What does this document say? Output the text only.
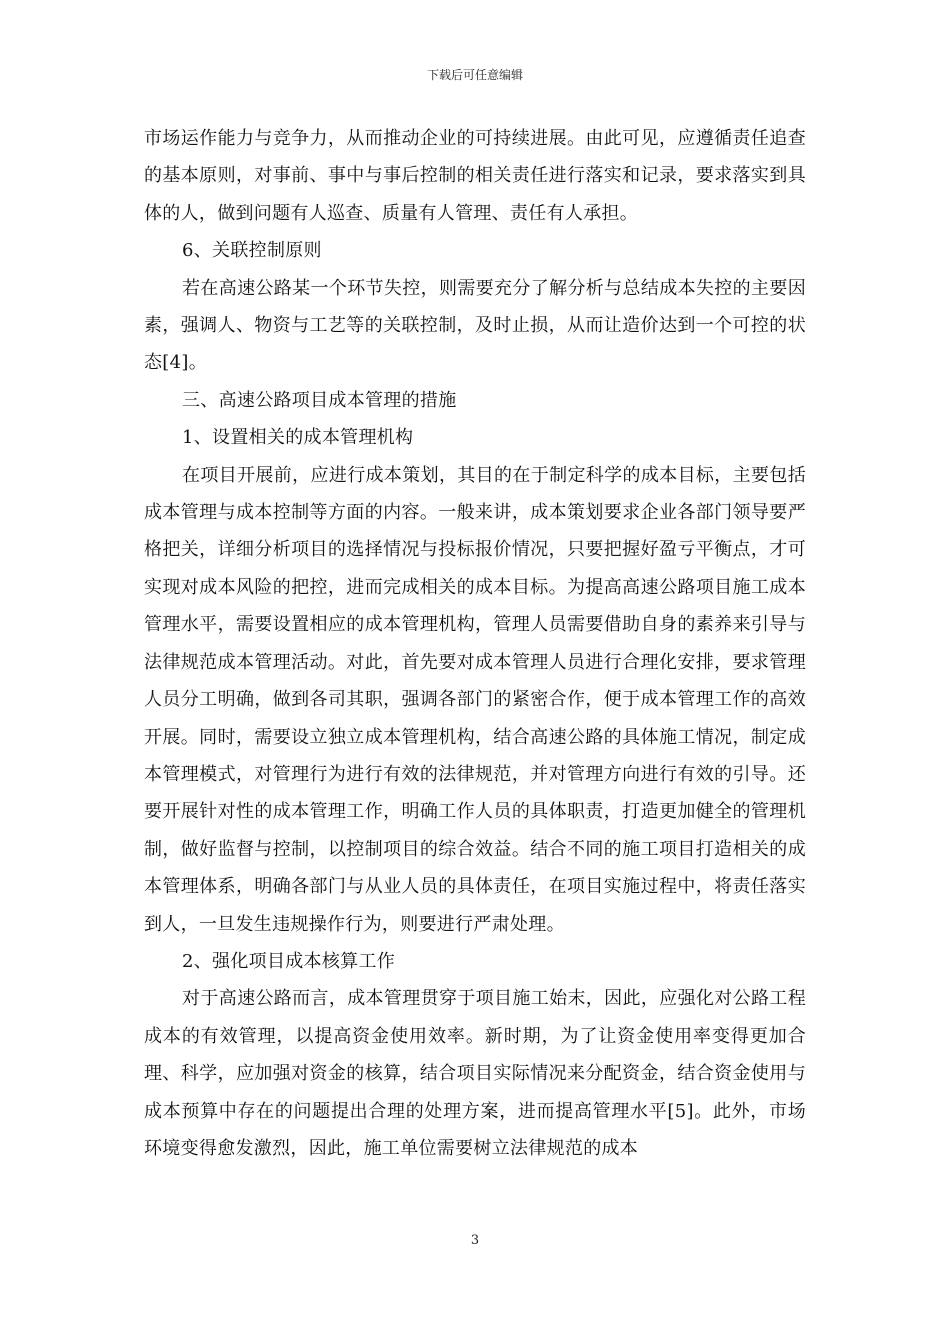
下载后可任意编辑

市场运作能力与竞争力，从而推动企业的可持续进展。由此可见，应遵循责任追查的基本原则，对事前、事中与事后控制的相关责任进行落实和记录，要求落实到具体的人，做到问题有人巡查、质量有人管理、责任有人承担。

6、关联控制原则

若在高速公路某一个环节失控，则需要充分了解分析与总结成本失控的主要因素，强调人、物资与工艺等的关联控制，及时止损，从而让造价达到一个可控的状态[4]。

三、高速公路项目成本管理的措施

1、设置相关的成本管理机构

在项目开展前，应进行成本策划，其目的在于制定科学的成本目标，主要包括成本管理与成本控制等方面的内容。一般来讲，成本策划要求企业各部门领导要严格把关，详细分析项目的选择情况与投标报价情况，只要把握好盈亏平衡点，才可实现对成本风险的把控，进而完成相关的成本目标。为提高高速公路项目施工成本管理水平，需要设置相应的成本管理机构，管理人员需要借助自身的素养来引导与法律规范成本管理活动。对此，首先要对成本管理人员进行合理化安排，要求管理人员分工明确，做到各司其职，强调各部门的紧密合作，便于成本管理工作的高效开展。同时，需要设立独立成本管理机构，结合高速公路的具体施工情况，制定成本管理模式，对管理行为进行有效的法律规范，并对管理方向进行有效的引导。还要开展针对性的成本管理工作，明确工作人员的具体职责，打造更加健全的管理机制，做好监督与控制，以控制项目的综合效益。结合不同的施工项目打造相关的成本管理体系，明确各部门与从业人员的具体责任，在项目实施过程中，将责任落实到人，一旦发生违规操作行为，则要进行严肃处理。

2、强化项目成本核算工作

对于高速公路而言，成本管理贯穿于项目施工始末，因此，应强化对公路工程成本的有效管理，以提高资金使用效率。新时期，为了让资金使用率变得更加合理、科学，应加强对资金的核算，结合项目实际情况来分配资金，结合资金使用与成本预算中存在的问题提出合理的处理方案，进而提高管理水平[5]。此外，市场环境变得愈发激烈，因此，施工单位需要树立法律规范的成本

3
